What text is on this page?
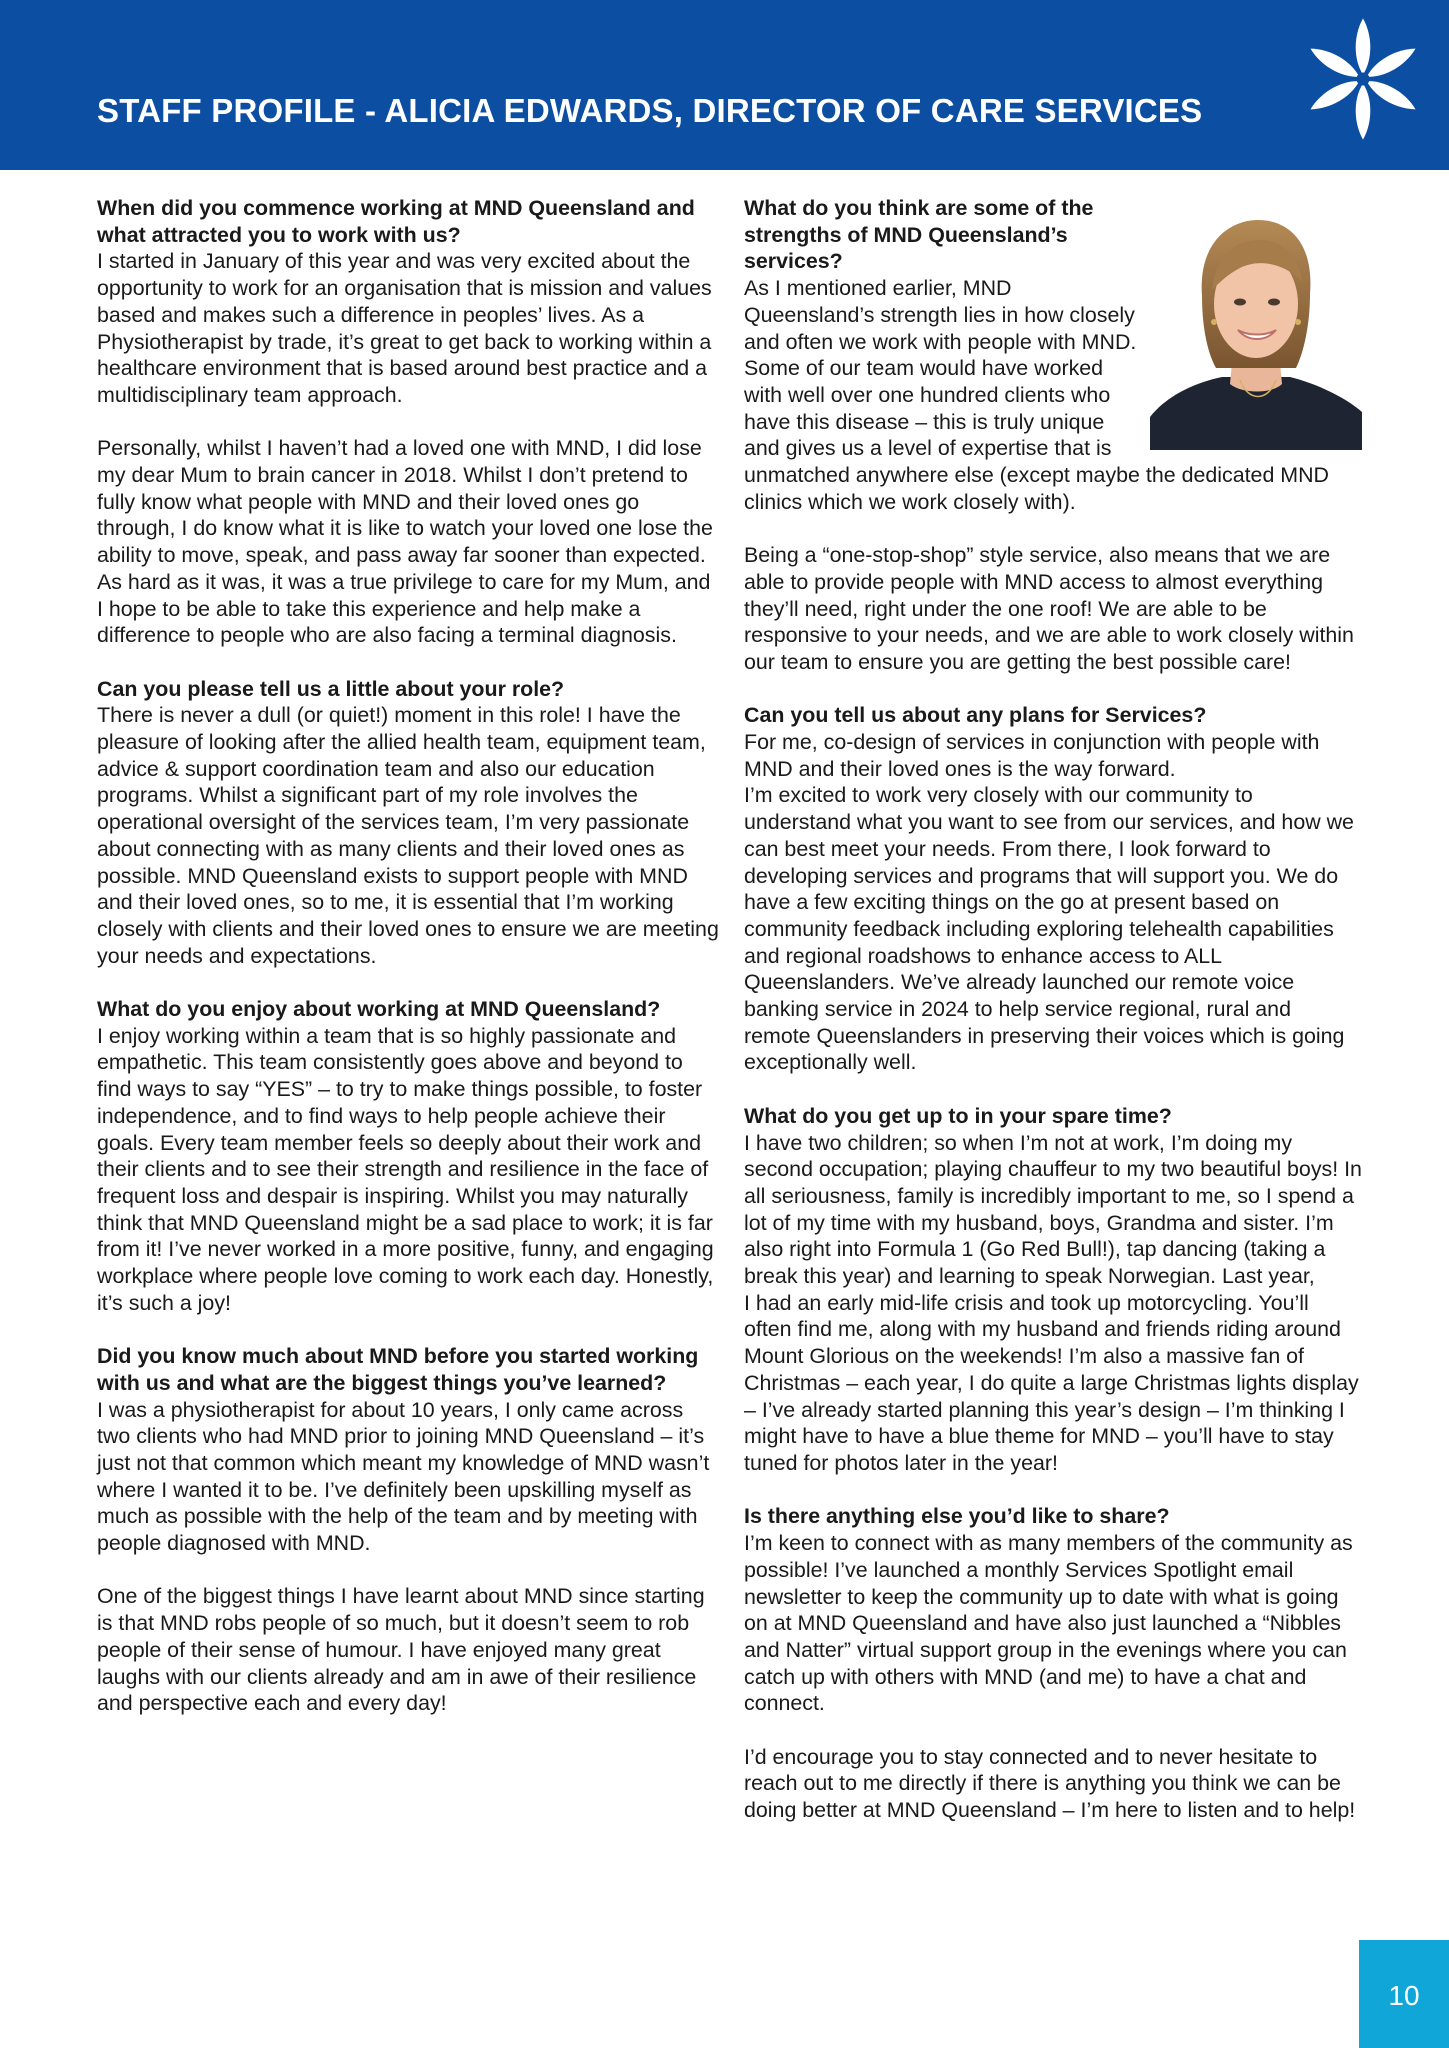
STAFF PROFILE - ALICIA EDWARDS, DIRECTOR OF CARE SERVICES
When did you commence working at MND Queensland and what attracted you to work with us?

I started in January of this year and was very excited about the opportunity to work for an organisation that is mission and values based and makes such a difference in peoples’ lives. As a Physiotherapist by trade, it’s great to get back to working within a healthcare environment that is based around best practice and a multidisciplinary team approach.

Personally, whilst I haven’t had a loved one with MND, I did lose my dear Mum to brain cancer in 2018. Whilst I don’t pretend to fully know what people with MND and their loved ones go through, I do know what it is like to watch your loved one lose the ability to move, speak, and pass away far sooner than expected. As hard as it was, it was a true privilege to care for my Mum, and I hope to be able to take this experience and help make a difference to people who are also facing a terminal diagnosis.

Can you please tell us a little about your role?

There is never a dull (or quiet!) moment in this role! I have the pleasure of looking after the allied health team, equipment team, advice & support coordination team and also our education programs. Whilst a significant part of my role involves the operational oversight of the services team, I’m very passionate about connecting with as many clients and their loved ones as possible. MND Queensland exists to support people with MND and their loved ones, so to me, it is essential that I’m working closely with clients and their loved ones to ensure we are meeting your needs and expectations.

What do you enjoy about working at MND Queensland?

I enjoy working within a team that is so highly passionate and empathetic. This team consistently goes above and beyond to find ways to say “YES” – to try to make things possible, to foster independence, and to find ways to help people achieve their goals. Every team member feels so deeply about their work and their clients and to see their strength and resilience in the face of frequent loss and despair is inspiring. Whilst you may naturally think that MND Queensland might be a sad place to work; it is far from it! I’ve never worked in a more positive, funny, and engaging workplace where people love coming to work each day. Honestly, it’s such a joy!

Did you know much about MND before you started working with us and what are the biggest things you’ve learned?

I was a physiotherapist for about 10 years, I only came across two clients who had MND prior to joining MND Queensland – it’s just not that common which meant my knowledge of MND wasn’t where I wanted it to be. I’ve definitely been upskilling myself as much as possible with the help of the team and by meeting with people diagnosed with MND.

One of the biggest things I have learnt about MND since starting is that MND robs people of so much, but it doesn’t seem to rob people of their sense of humour. I have enjoyed many great laughs with our clients already and am in awe of their resilience and perspective each and every day!

What do you think are some of the strengths of MND Queensland’s services?

As I mentioned earlier, MND Queensland’s strength lies in how closely and often we work with people with MND. Some of our team would have worked with well over one hundred clients who have this disease – this is truly unique and gives us a level of expertise that is unmatched anywhere else (except maybe the dedicated MND clinics which we work closely with).

Being a “one-stop-shop” style service, also means that we are able to provide people with MND access to almost everything they’ll need, right under the one roof! We are able to be responsive to your needs, and we are able to work closely within our team to ensure you are getting the best possible care!

Can you tell us about any plans for Services?
For me, co-design of services in conjunction with people with MND and their loved ones is the way forward.

I’m excited to work very closely with our community to understand what you want to see from our services, and how we can best meet your needs. From there, I look forward to developing services and programs that will support you. We do have a few exciting things on the go at present based on community feedback including exploring telehealth capabilities and regional roadshows to enhance access to ALL Queenslanders. We’ve already launched our remote voice banking service in 2024 to help service regional, rural and remote Queenslanders in preserving their voices which is going exceptionally well.

What do you get up to in your spare time?
I have two children; so when I’m not at work, I’m doing my second occupation; playing chauffeur to my two beautiful boys! In all seriousness, family is incredibly important to me, so I spend a lot of my time with my husband, boys, Grandma and sister. I’m also right into Formula 1 (Go Red Bull!), tap dancing (taking a break this year) and learning to speak Norwegian. Last year,

I had an early mid-life crisis and took up motorcycling. You’ll often find me, along with my husband and friends riding around Mount Glorious on the weekends! I’m also a massive fan of Christmas – each year, I do quite a large Christmas lights display – I’ve already started planning this year’s design – I’m thinking I might have to have a blue theme for MND – you’ll have to stay tuned for photos later in the year!

Is there anything else you’d like to share?

I’m keen to connect with as many members of the community as possible! I’ve launched a monthly Services Spotlight email newsletter to keep the community up to date with what is going on at MND Queensland and have also just launched a “Nibbles and Natter” virtual support group in the evenings where you can catch up with others with MND (and me) to have a chat and connect.

I’d encourage you to stay connected and to never hesitate to reach out to me directly if there is anything you think we can be doing better at MND Queensland – I’m here to listen and to help!

10
